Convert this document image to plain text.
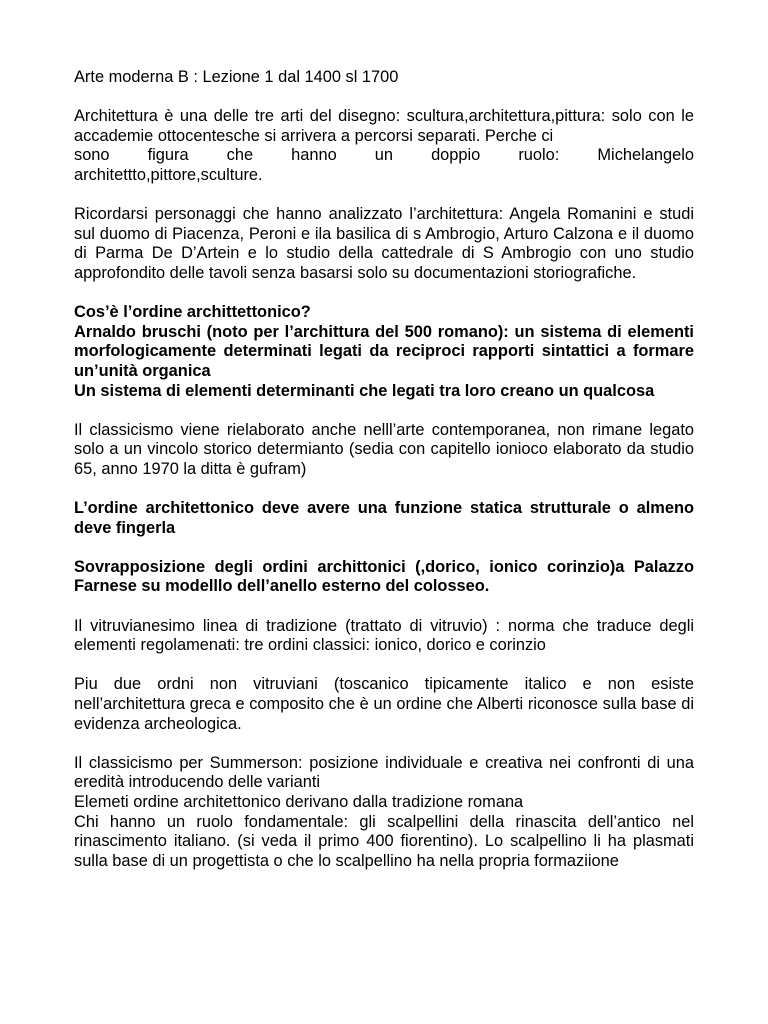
Arte moderna B : Lezione 1 dal 1400 sl 1700

Architettura è una delle tre arti del disegno: scultura,architettura,pittura: solo con le accademie ottocentesche si arrivera a percorsi separati. Perche ci
sono figura che hanno un doppio ruolo: Michelangelo
architettto,pittore,sculture.

Ricordarsi personaggi che hanno analizzato l’architettura: Angela Romanini e studi sul duomo di Piacenza, Peroni e ila basilica di s Ambrogio, Arturo Calzona e il duomo di Parma De D’Artein e lo studio della cattedrale di S Ambrogio con uno studio approfondito delle tavoli senza basarsi solo su documentazioni storiografiche.

Cos’è l’ordine archittettonico?
Arnaldo bruschi (noto per l’archittura del 500 romano): un sistema di elementi morfologicamente determinati legati da reciproci rapporti sintattici a formare un’unità organica
Un sistema di elementi determinanti che legati tra loro creano un qualcosa

Il classicismo viene rielaborato anche nelll’arte contemporanea, non rimane legato solo a un vincolo storico determianto (sedia con capitello ionioco elaborato da studio 65, anno 1970 la ditta è gufram)

L’ordine architettonico deve avere una funzione statica strutturale o almeno deve fingerla

Sovrapposizione degli ordini archittonici (,dorico, ionico corinzio)a Palazzo Farnese su modelllo dell’anello esterno del colosseo.

Il vitruvianesimo linea di tradizione (trattato di vitruvio) : norma che traduce degli elementi regolamenati: tre ordini classici: ionico, dorico e corinzio

Piu due ordni non vitruviani (toscanico tipicamente italico e non esiste nell’architettura greca e composito che è un ordine che Alberti riconosce sulla base di evidenza archeologica.

Il classicismo per Summerson: posizione individuale e creativa nei confronti di una eredità introducendo delle varianti
Elemeti ordine architettonico derivano dalla tradizione romana
Chi hanno un ruolo fondamentale: gli scalpellini della rinascita dell’antico nel rinascimento italiano. (si veda il primo 400 fiorentino). Lo scalpellino li ha plasmati sulla base di un progettista o che lo scalpellino ha nella propria formaziione
